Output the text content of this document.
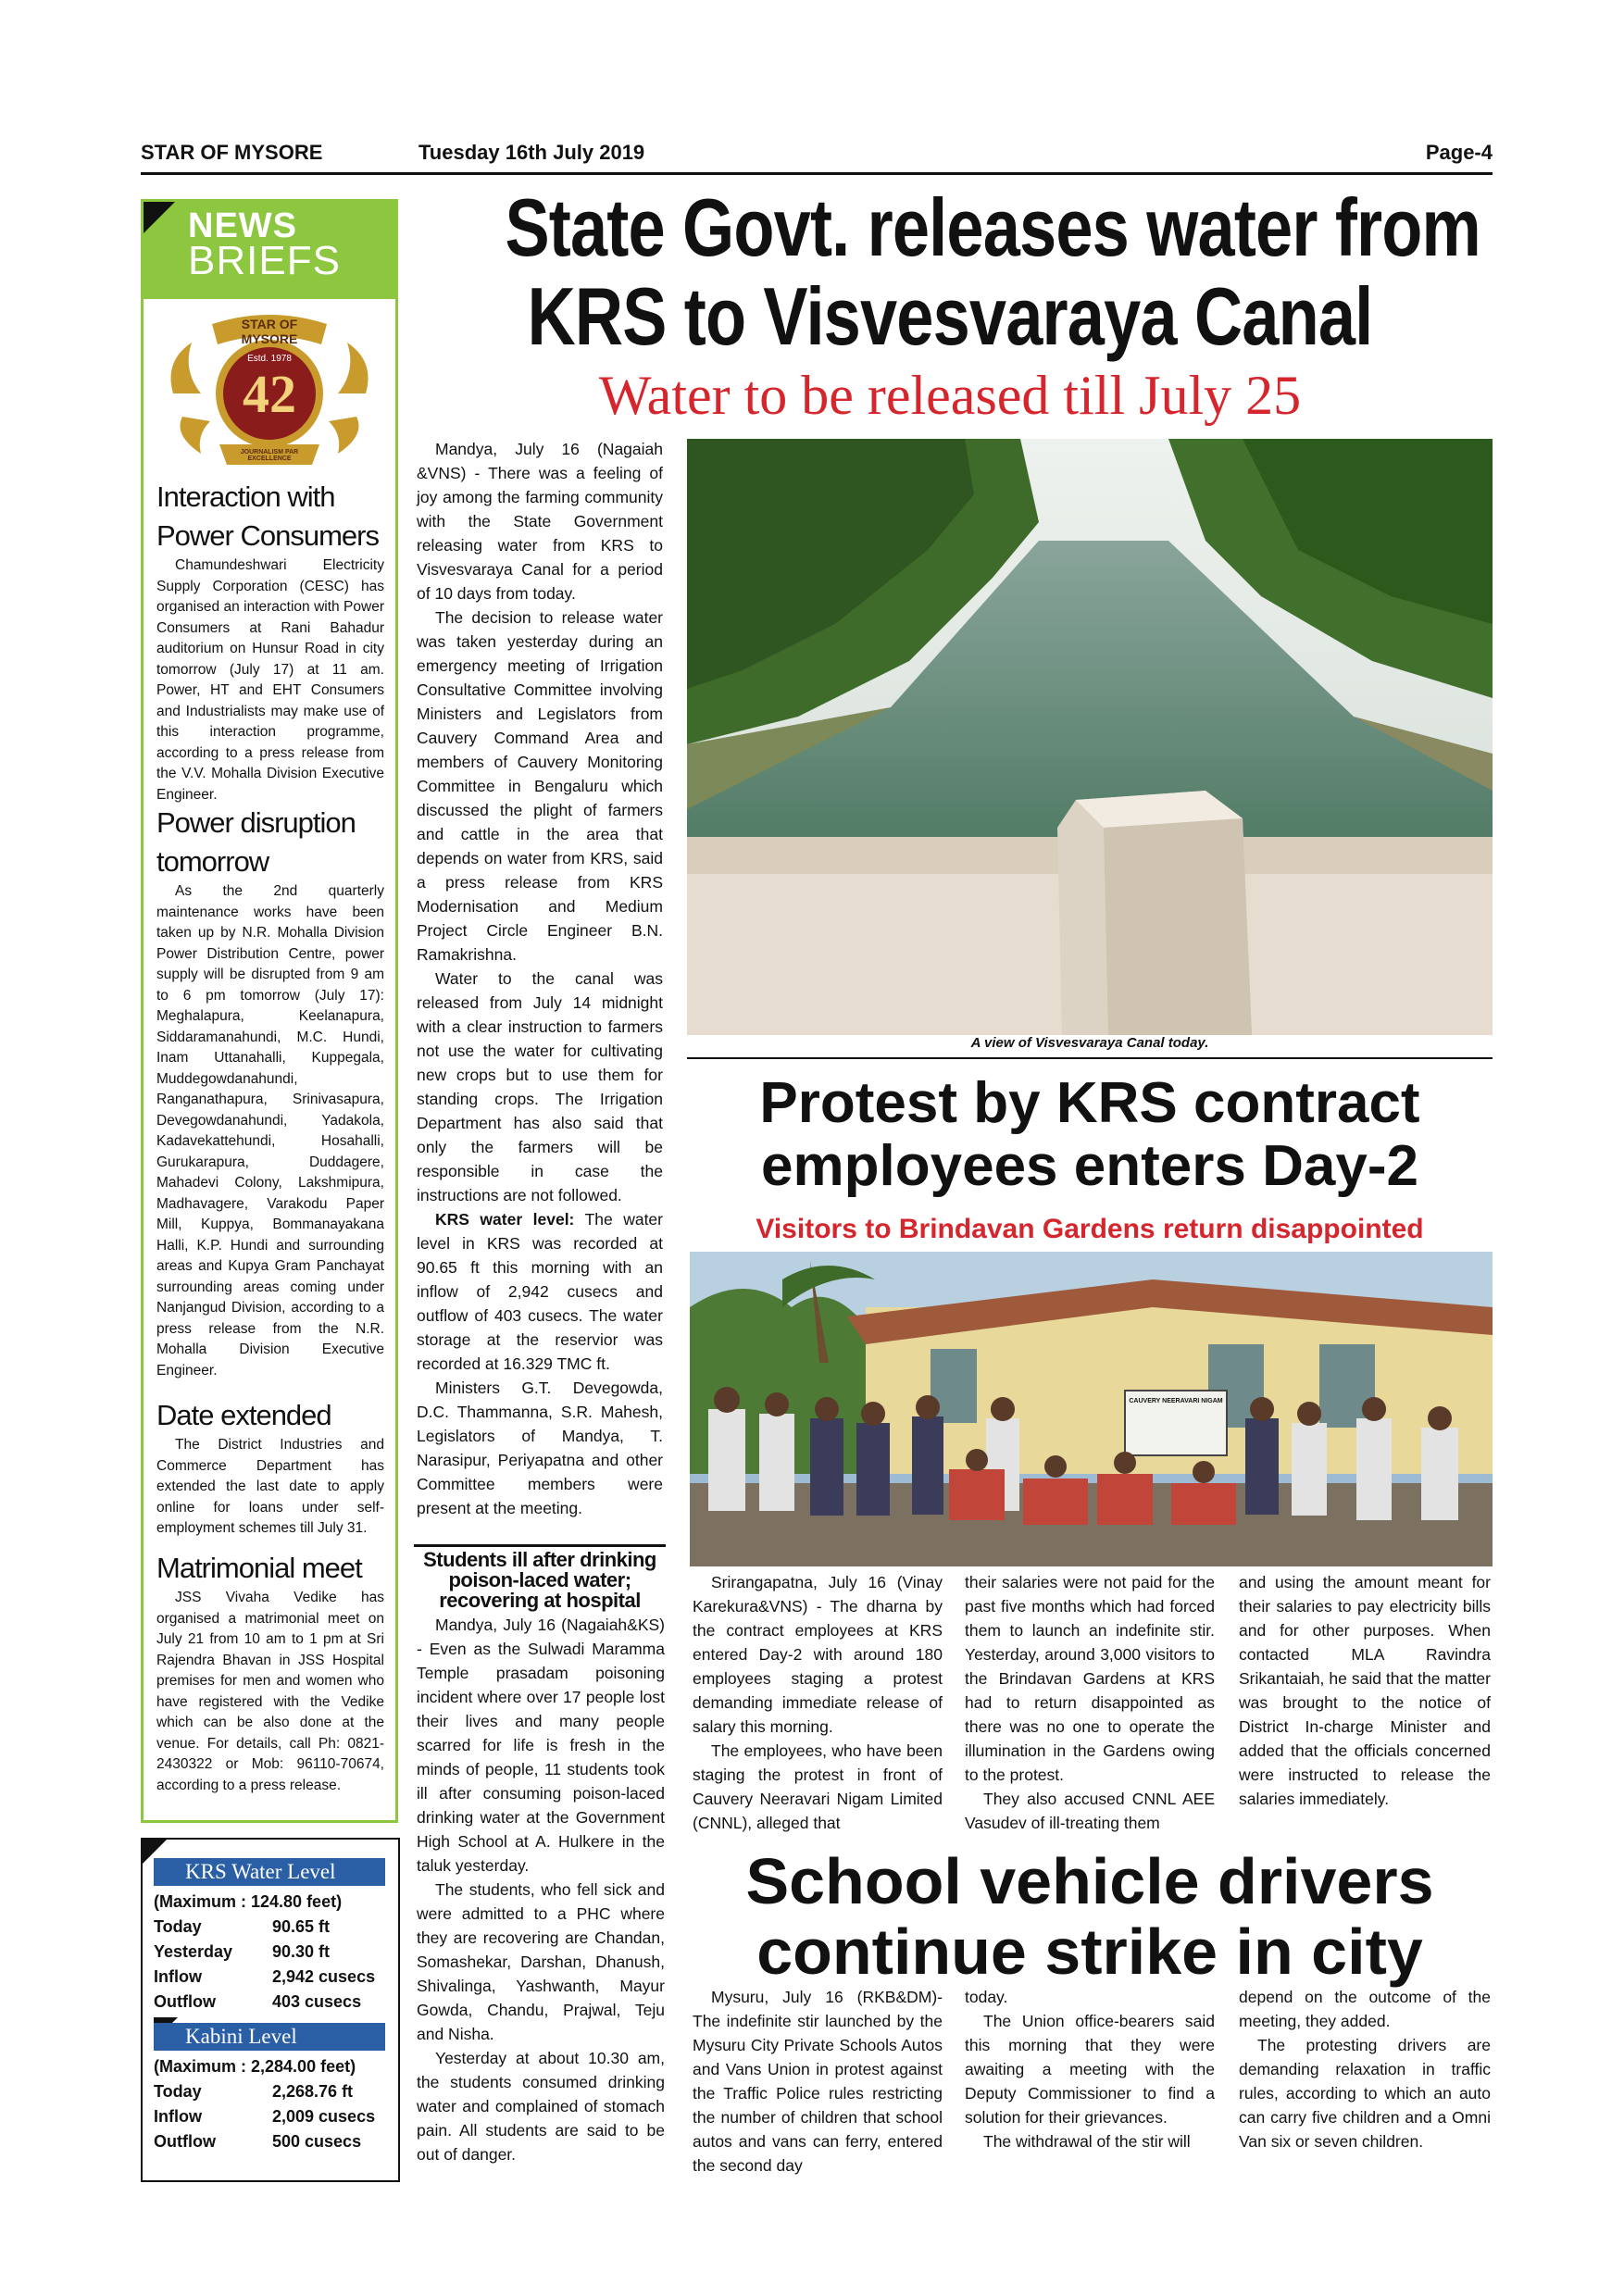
STAR OF MYSORE	Tuesday 16th July 2019	Page-4
NEWS
BRIEFS
STAR OF MYSORE
Estd. 1978
42
JOURNALISM PAR EXCELLENCE
Interaction with
Power Consumers

Chamundeshwari Electricity Supply Corporation (CESC) has organised an interaction with Power Consumers at Rani Bahadur auditorium on Hunsur Road in city tomorrow (July 17) at 11 am. Power, HT and EHT Consumers and Industrialists may make use of this interaction programme, according to a press release from the V.V. Mohalla Division Executive Engineer.

Power disruption
tomorrow

As the 2nd quarterly maintenance works have been taken up by N.R. Mohalla Division Power Distribution Centre, power supply will be disrupted from 9 am to 6 pm tomorrow (July 17): Meghalapura, Keelanapura, Siddaramanahundi, M.C. Hundi, Inam Uttanahalli, Kuppegala, Muddegowdanahundi, Ranganathapura, Srinivasapura, Devegowdanahundi, Yadakola, Kadavekattehundi, Hosahalli, Gurukarapura, Duddagere, Mahadevi Colony, Lakshmipura, Madhavagere, Varakodu Paper Mill, Kuppya, Bommanayakana Halli, K.P. Hundi and surrounding areas and Kupya Gram Panchayat surrounding areas coming under Nanjangud Division, according to a press release from the N.R. Mohalla Division Executive Engineer.

Date extended

The District Industries and Commerce Department has extended the last date to apply online for loans under self-employment schemes till July 31.

Matrimonial meet

JSS Vivaha Vedike has organised a matrimonial meet on July 21 from 10 am to 1 pm at Sri Rajendra Bhavan in JSS Hospital premises for men and women who have registered with the Vedike which can be also done at the venue. For details, call Ph: 0821-2430322 or Mob: 96110-70674, according to a press release.

KRS Water Level
(Maximum : 124.80 feet)
Today	90.65 ft
Yesterday 90.30 ft
Inflow	2,942 cusecs
Outflow	403 cusecs
Kabini Level
(Maximum : 2,284.00 feet)
Today	2,268.76 ft
Inflow	2,009 cusecs
Outflow	500 cusecs
State Govt. releases water from
KRS to Visvesvaraya Canal
Water to be released till July 25

Mandya, July 16 (Nagaiah &VNS) - There was a feeling of joy among the farming community with the State Government releasing water from KRS to Visvesvaraya Canal for a period of 10 days from today.

The decision to release water was taken yesterday during an emergency meeting of Irrigation Consultative Committee involving Ministers and Legislators from Cauvery Command Area and members of Cauvery Monitoring Committee in Bengaluru which discussed the plight of farmers and cattle in the area that depends on water from KRS, said a press release from KRS Modernisation and Medium Project Circle Engineer B.N. Ramakrishna.

Water to the canal was released from July 14 midnight with a clear instruction to farmers not use the water for cultivating new crops but to use them for standing crops. The Irrigation Department has also said that only the farmers will be responsible in case the instructions are not followed.

KRS water level: The water level in KRS was recorded at 90.65 ft this morning with an inflow of 2,942 cusecs and outflow of 403 cusecs. The water storage at the reservior was recorded at 16.329 TMC ft.

Ministers G.T. Devegowda, D.C. Thammanna, S.R. Mahesh, Legislators of Mandya, T. Narasipur, Periyapatna and other Committee members were present at the meeting.

A view of Visvesvaraya Canal today.
Students ill after drinking
poison-laced water;
recovering at hospital

Mandya, July 16 (Nagaiah&KS) - Even as the Sulwadi Maramma Temple prasadam poisoning incident where over 17 people lost their lives and many people scarred for life is fresh in the minds of people, 11 students took ill after consuming poison-laced drinking water at the Government High School at A. Hulkere in the taluk yesterday.

The students, who fell sick and were admitted to a PHC where they are recovering are Chandan, Somashekar, Darshan, Dhanush, Shivalinga, Yashwanth, Mayur Gowda, Chandu, Prajwal, Teju and Nisha.

Yesterday at about 10.30 am, the students consumed drinking water and complained of stomach pain. All students are said to be out of danger.

Protest by KRS contract
employees enters Day-2
Visitors to Brindavan Gardens return disappointed
CAUVERY NEERAVARI NIGAM

Srirangapatna, July 16 (Vinay Karekura&VNS) - The dharna by the contract employees at KRS entered Day-2 with around 180 employees staging a protest demanding immediate release of salary this morning.

The employees, who have been staging the protest in front of Cauvery Neeravari Nigam Limited (CNNL), alleged that

their salaries were not paid for the past five months which had forced them to launch an indefinite stir. Yesterday, around 3,000 visitors to the Brindavan Gardens at KRS had to return disappointed as there was no one to operate the illumination in the Gardens owing to the protest.

They also accused CNNL AEE Vasudev of ill-treating them

and using the amount meant for their salaries to pay electricity bills and for other purposes. When contacted MLA Ravindra Srikantaiah, he said that the matter was brought to the notice of District In-charge Minister and added that the officials concerned were instructed to release the salaries immediately.

School vehicle drivers
continue strike in city

Mysuru, July 16 (RKB&DM)- The indefinite stir launched by the Mysuru City Private Schools Autos and Vans Union in protest against the Traffic Police rules restricting the number of children that school autos and vans can ferry, entered the second day

today.

The Union office-bearers said this morning that they were awaiting a meeting with the Deputy Commissioner to find a solution for their grievances.

The withdrawal of the stir will

depend on the outcome of the meeting, they added.

The protesting drivers are demanding relaxation in traffic rules, according to which an auto can carry five children and a Omni Van six or seven children.
